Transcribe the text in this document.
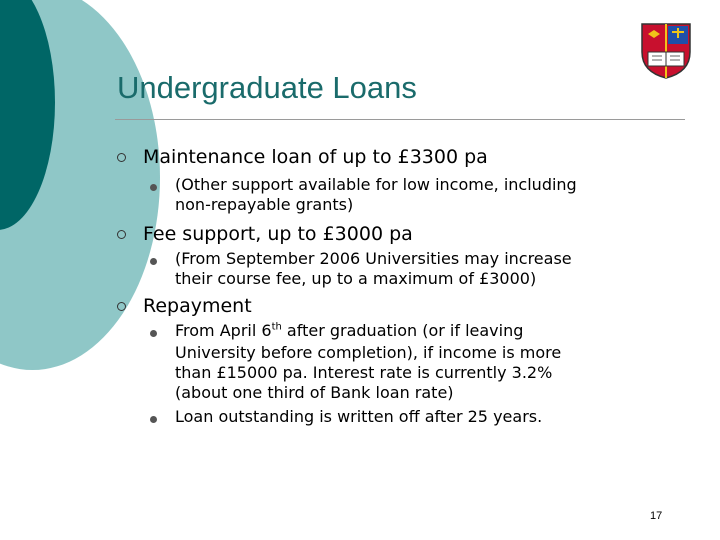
Undergraduate Loans
Maintenance loan of up to £3300 pa
(Other support available for low income, including
non-repayable grants)
Fee support, up to £3000 pa
(From September 2006 Universities may increase
their course fee, up to a maximum of £3000)
Repayment
From April 6th after graduation (or if leaving
University before completion), if income is more
than £15000 pa. Interest rate is currently 3.2%
(about one third of Bank loan rate)
Loan outstanding is written off after 25 years.
17
